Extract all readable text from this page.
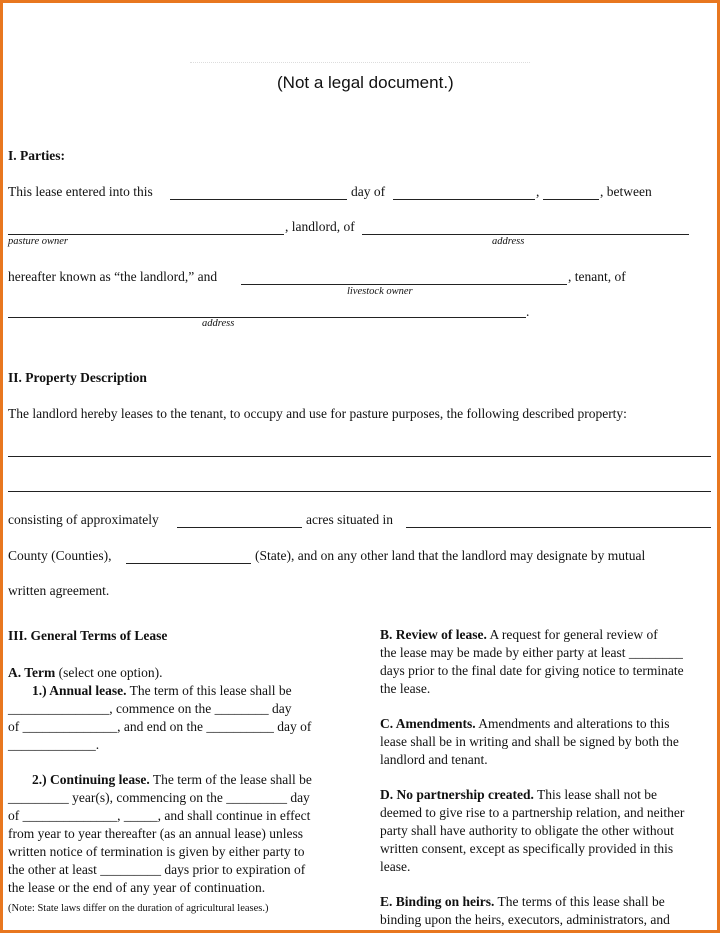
(Not a legal document.)
I. Parties:
This lease entered into this	day of	,	, between
, landlord, of
pasture owner	address
hereafter known as “the landlord,” and	, tenant, of
livestock owner
.
address
II. Property Description
The landlord hereby leases to the tenant, to occupy and use for pasture purposes, the following described property:
consisting of approximately	acres situated in
County (Counties),	(State), and on any other land that the landlord may designate by mutual
written agreement.
III. General Terms of Lease

A. Term (select one option).

1.) Annual lease. The term of this lease shall be

_______________, commence on the ________ day

of ______________, and end on the __________ day of

_____________.

2.) Continuing lease. The term of the lease shall be

_________ year(s), commencing on the _________ day

of ______________, _____, and shall continue in effect

from year to year thereafter (as an annual lease) unless

written notice of termination is given by either party to

the other at least _________ days prior to expiration of

the lease or the end of any year of continuation.

(Note: State laws differ on the duration of agricultural leases.)

B. Review of lease. A request for general review of

the lease may be made by either party at least ________

days prior to the final date for giving notice to terminate

the lease.

C. Amendments. Amendments and alterations to this

lease shall be in writing and shall be signed by both the

landlord and tenant.

D. No partnership created. This lease shall not be

deemed to give rise to a partnership relation, and neither

party shall have authority to obligate the other without

written consent, except as specifically provided in this

lease.

E. Binding on heirs. The terms of this lease shall be

binding upon the heirs, executors, administrators, and
